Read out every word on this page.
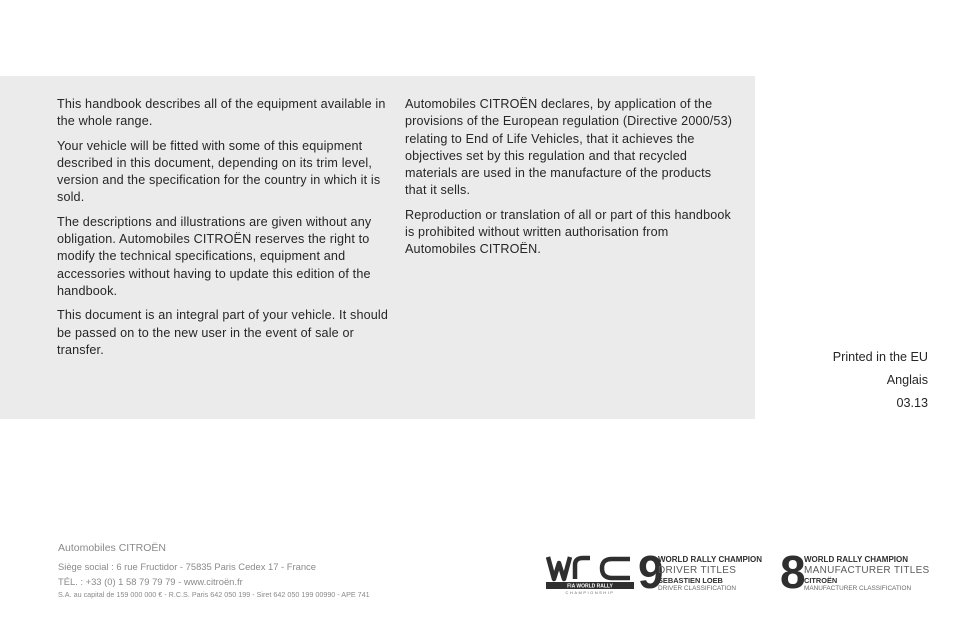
This handbook describes all of the equipment available in the whole range.

Your vehicle will be fitted with some of this equipment described in this document, depending on its trim level, version and the specification for the country in which it is sold.

The descriptions and illustrations are given without any obligation. Automobiles CITROËN reserves the right to modify the technical specifications, equipment and accessories without having to update this edition of the handbook.

This document is an integral part of your vehicle. It should be passed on to the new user in the event of sale or transfer.

Automobiles CITROËN declares, by application of the provisions of the European regulation (Directive 2000/53) relating to End of Life Vehicles, that it achieves the objectives set by this regulation and that recycled materials are used in the manufacture of the products that it sells.

Reproduction or translation of all or part of this handbook is prohibited without written authorisation from Automobiles CITROËN.

Printed in the EU
Anglais
03.13
Automobiles CITROËN
Siège social : 6 rue Fructidor - 75835 Paris Cedex 17 - France
TÉL. : +33 (0) 1 58 79 79 79 - www.citroën.fr
S.A. au capital de 159 000 000 € - R.C.S. Paris 642 050 199 - Siret 642 050 199 00990 - APE 741
FIA WORLD RALLY
CHAMPIONSHIP 9
WORLD RALLY CHAMPION
DRIVER TITLES
SEBASTIEN LOEB
DRIVER CLASSIFICATION 8
WORLD RALLY CHAMPION
MANUFACTURER TITLES
CITROËN
MANUFACTURER CLASSIFICATION
